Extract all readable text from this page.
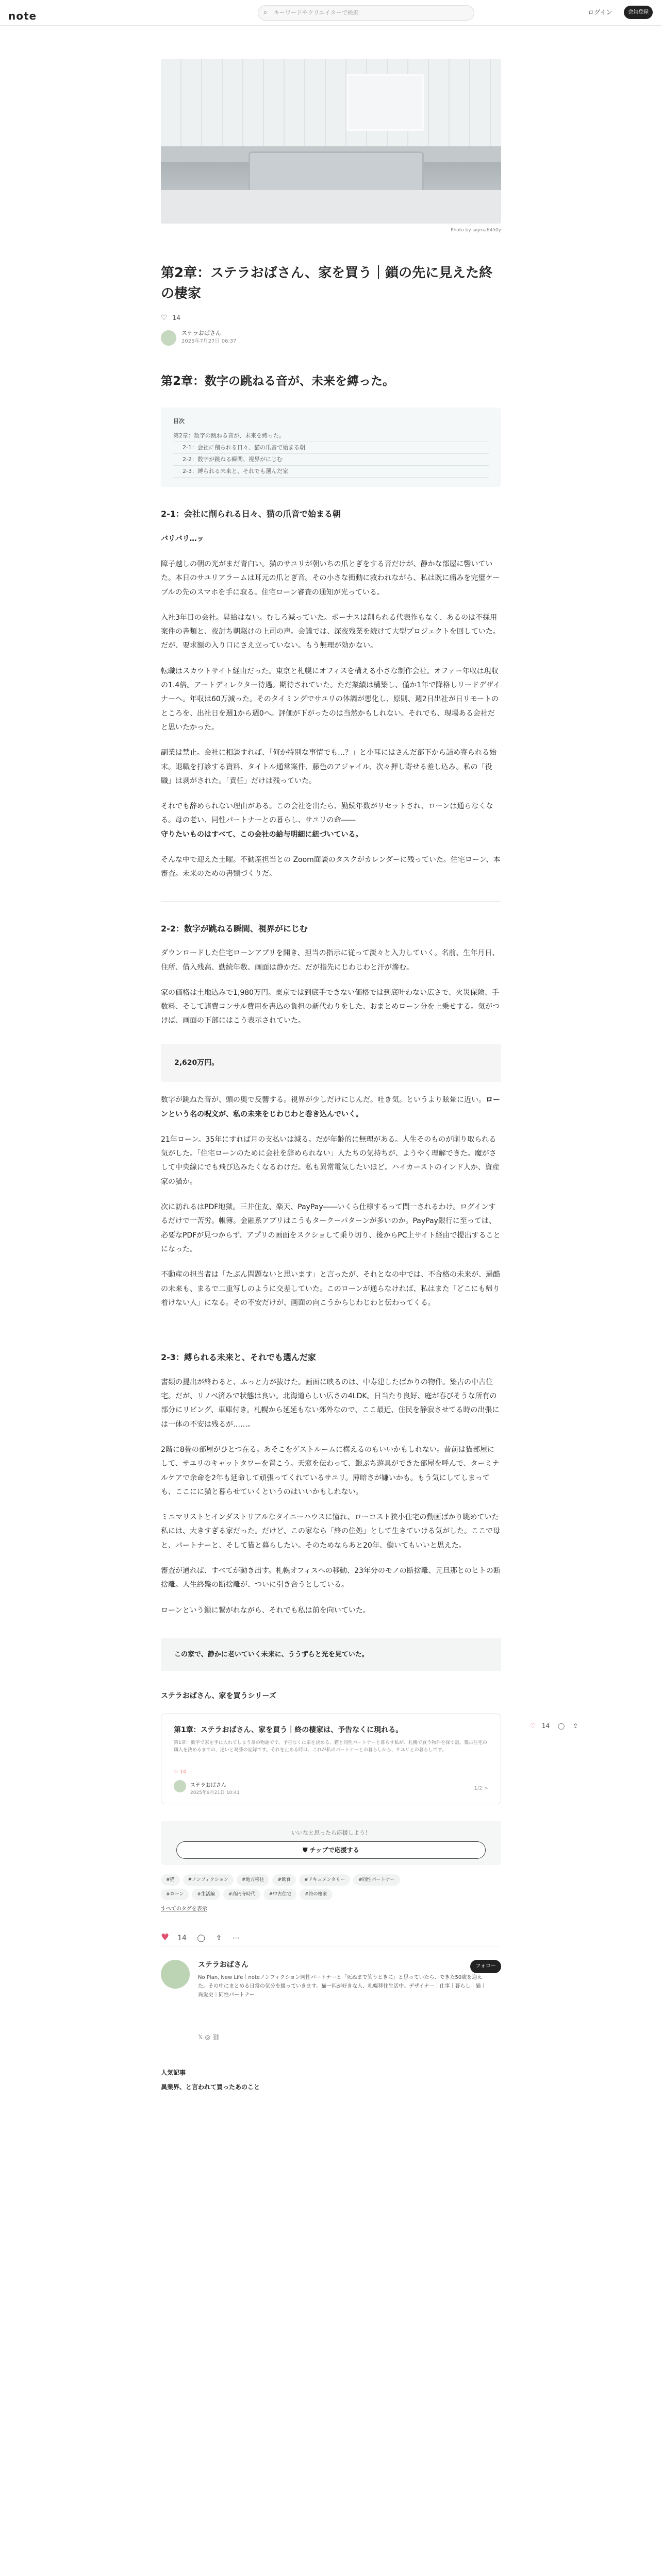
note	⌕ キーワードやクリエイターで検索	ログイン	会員登録
Photo by sigma6450y
第2章：ステラおばさん、家を買う｜鎖の先に見えた終の棲家
♡ 14
ステラおばさん
2025年7月27日 06:37
第2章：数字の跳ねる音が、未来を縛った。
目次
第2章：数字の跳ねる音が、未来を縛った。
2-1：会社に削られる日々、猫の爪音で始まる朝
2-2：数字が跳ねる瞬間、視界がにじむ
2-3：縛られる未来と、それでも選んだ家
2-1：会社に削られる日々、猫の爪音で始まる朝

バリバリ…ッ

障子越しの朝の光がまだ青白い。猫のサユリが朝いちの爪とぎをする音だけが、静かな部屋に響いていた。本日のサユリアラームは耳元の爪とぎ音。その小さな衝動に救われながら、私は既に痛みを完璧ケーブルの先のスマホを手に取る。住宅ローン審査の通知が光っている。

入社3年目の会社。昇給はない。むしろ減っていた。ボーナスは削られる代表作もなく、あるのは不採用案件の書類と、夜討ち朝駆けの上司の声。会議では、深夜残業を続けて大型プロジェクトを回していた。だが、要求額の入り口にさえ立っていない。もう無理が効かない。

転職はスカウトサイト経由だった。東京と札幌にオフィスを構える小さな制作会社。オファー年収は現収の1.4倍。アートディレクター待遇。期待されていた。ただ業績は構築し、僅か1年で降格しリードデザイナーへ。年収は60万減った。そのタイミングでサユリの体調が悪化し、原則、週2日出社が日リモートのところを、出社日を週1から週0へ。評価が下がったのは当然かもしれない。それでも、現場ある会社だと思いたかった。

副業は禁止。会社に相談すれば、「何か特別な事情でも…？」と小耳にはさんだ部下から詰め寄られる始末。退職を打診する資料、タイトル通常案件、藤色のアジャイル、次々押し寄せる差し込み。私の「役職」は剥がされた。「責任」だけは残っていた。

それでも辞められない理由がある。この会社を出たら、勤続年数がリセットされ、ローンは通らなくなる。母の老い、同性パートナーとの暮らし、サユリの命――
守りたいものはすべて、この会社の給与明細に紐づいている。

そんな中で迎えた土曜。不動産担当との Zoom面談のタスクがカレンダーに残っていた。住宅ローン、本審査。未来のための書類づくりだ。

2-2：数字が跳ねる瞬間、視界がにじむ

ダウンロードした住宅ローンアプリを開き、担当の指示に従って淡々と入力していく。名前、生年月日、住所、借入残高、勤続年数、画面は静かだ。だが指先にじわじわと汗が滲む。

家の価格は土地込みで1,980万円。東京では到底手できない価格では到底叶わない広さで、火災保険、手数料、そして諸費コンサル費用を書込の負担の新代わりをした、おまとめローン分を上乗せする。気がつけば、画面の下部にはこう表示されていた。

2,620万円。

数字が跳ねた音が、頭の奥で反響する。視界が少しだけにじんだ。吐き気。というより眩暈に近い。ローンという名の呪文が、私の未来をじわじわと巻き込んでいく。

21年ローン。35年にすれば月の支払いは減る。だが年齢的に無理がある。人生そのものが削り取られる気がした。「住宅ローンのために会社を辞められない」人たちの気持ちが、ようやく理解できた。魔がさして中央線にでも飛び込みたくなるわけだ。私も異常電気したいほど。ハイカーストのインド人か、資産家の猫か。

次に訪れるはPDF地獄。三井住友、楽天、PayPay――いくら仕様するって問一されるわけ。ログインするだけで一苦労。帳簿。金融系アプリはこうもタークーパターンが多いのか。PayPay銀行に至っては、必要なPDFが見つからず、アプリの画面をスクショして乗り切り、後からPC上サイト経由で提出することになった。

不動産の担当者は「たぶん問題ないと思います」と言ったが、それとなの中では、不合格の未来が、過酷の未来も、まるで二重写しのように交差していた。このローンが通らなければ、私はまた「どこにも帰り着けない人」になる。その不安だけが、画面の向こうからじわじわと伝わってくる。

2-3：縛られる未来と、それでも選んだ家

書類の提出が終わると、ふっと力が抜けた。画面に映るのは、中寿建したばかりの物件。築古の中古住宅。だが、リノベ済みで状態は良い。北海道らしい広さの4LDK。日当たり良好、庭が春びそうな所有の部分にリビング、車庫付き。札幌から延延もない郊外なので、ここ最近、住民を静寂させてる時の出張には一体の不安は残るが……。

2階に8畳の部屋がひとつ在る。あそこをゲストルームに構えるのもいいかもしれない。昔前は猫部屋にして、サユリのキャットタワーを置こう。天窓を伝わって、銀ぶち遊具ができた部屋を呼んで、ターミナルケアで余命を2年も延命して頑張ってくれているサユリ。薄暗さが嫌いかも。もう気にしてしまっても、ここにに猫と暮らせていくというのはいいかもしれない。

ミニマリストとインダストリアルなタイニーハウスに憧れ、ローコスト狭小住宅の動画ばかり眺めていた私には、大きすぎる家だった。だけど、この家なら「終の住処」として生きていける気がした。ここで母と、パートナーと、そして猫と暮らしたい。そのためならあと20年、働いてもいいと思えた。

審査が通れば、すべてが動き出す。札幌オフィスへの移動、23年分のモノの断捨離、元旦那とのヒトの断捨離。人生終盤の断捨離が、ついに引き合うとしている。

ローンという鎖に繋がれながら、それでも私は前を向いていた。

この家で、静かに老いていく未来に、ううずらと光を見ていた。
ステラおばさん、家を買うシリーズ
第1章：ステラおばさん、家を買う｜終の棲家は、予告なくに現れる。
第1章：数字で家を手に入れてしまう章の物語です。予告なくに家を決める、猫と同性パートナーと暮らす私が、札幌で買う物件を探す話。築古住宅の購入を決めるまでの、迷いと葛藤の記録です。それを止める時は、これが私のパートナーとの暮らしから、サユリとの暮らしです。
♡ 10
ステラおばさん
2025年9月21日 10:41
1/2 >
いいなと思ったら応援しよう！
⛊ チップで応援する
#猫	#ノンフィクション	#地方移住	#飲食	#ドキュメンタリー	#同性パートナー
#ローン	#生活編	#高円寺時代	#中古住宅	#終の棲家
すべてのタグを表示
♥ 14 ◯ ⇪ ⋯
ステラおばさん	フォロー
No Plan, New Life｜noteノンフィクション同性パートナーと「死ぬまで笑うときに」と思っていたら、できた50歳を迎えた。その中にまとめる日常の気分を綴っていきます。猫一匹が好きな人、札幌移住生活中。デザイナー｜仕事｜暮らし｜猫｜異愛史｜同性パートナー
𝕏 ◎ ⛓
人気記事
異業界、と言われて買ったあのこと
♡ 14 ◯ ⇪
